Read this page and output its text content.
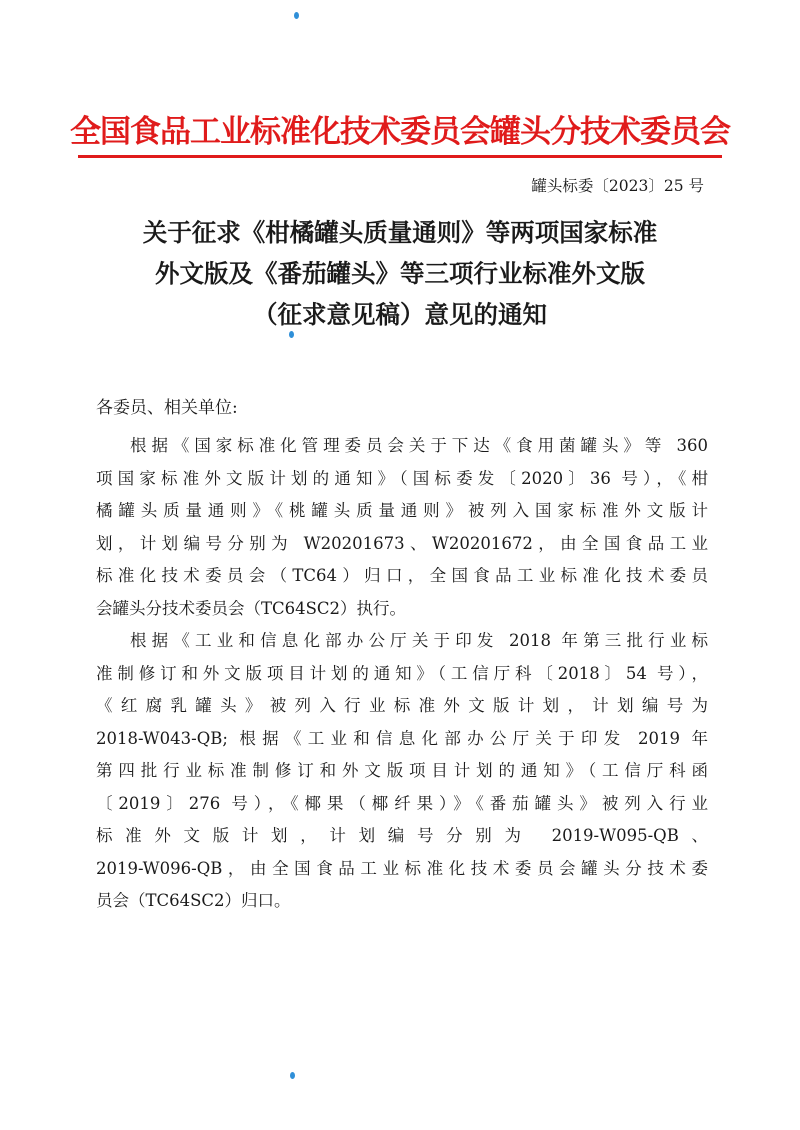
全国食品工业标准化技术委员会罐头分技术委员会
罐头标委〔2023〕25 号
关于征求《柑橘罐头质量通则》等两项国家标准
外文版及《番茄罐头》等三项行业标准外文版
（征求意见稿）意见的通知
各委员、相关单位:

根据《国家标准化管理委员会关于下达《食用菌罐头》等 360
项国家标准外文版计划的通知》（国标委发〔2020〕36 号），《柑
橘罐头质量通则》《桃罐头质量通则》被列入国家标准外文版计
划，计划编号分别为 W20201673、W20201672，由全国食品工业
标准化技术委员会（TC64）归口，全国食品工业标准化技术委员
会罐头分技术委员会（TC64SC2）执行。

根据《工业和信息化部办公厅关于印发 2018 年第三批行业标
准制修订和外文版项目计划的通知》（工信厅科〔2018〕54 号），
《红腐乳罐头》被列入行业标准外文版计划，计划编号为
2018-W043-QB; 根据《工业和信息化部办公厅关于印发 2019 年
第四批行业标准制修订和外文版项目计划的通知》（工信厅科函
〔2019〕276 号），《椰果（椰纤果）》《番茄罐头》被列入行业
标准外文版计划，计划编号分别为 2019-W095-QB、
2019-W096-QB，由全国食品工业标准化技术委员会罐头分技术委
员会（TC64SC2）归口。
